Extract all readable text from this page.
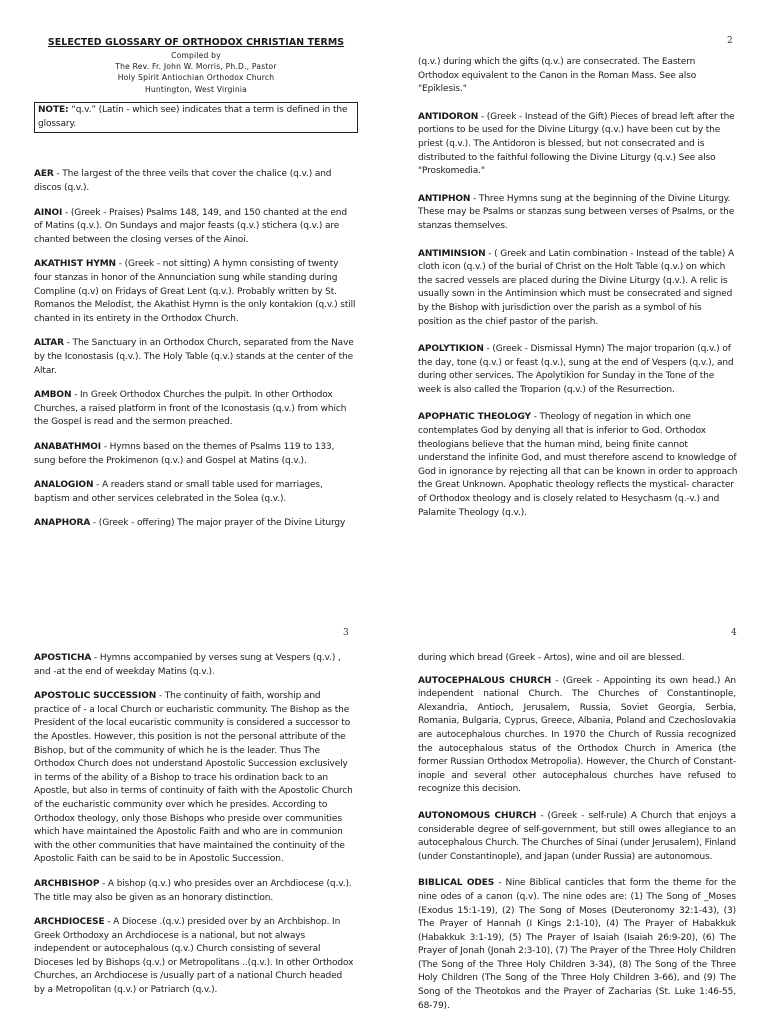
SELECTED GLOSSARY OF ORTHODOX CHRISTIAN TERMS
Compiled by
The Rev. Fr. John W. Morris, Ph.D., Pastor
Holy Spirit Antiochian Orthodox Church
Huntington, West Virginia
NOTE: “q.v.” (Latin - which see) indicates that a term is defined in the glossary.
AER - The largest of the three veils that cover the chalice (q.v.) and discos (q.v.).
AINOI - (Greek - Praises) Psalms 148, 149, and 150 chanted at the end of Matins (q.v.). On Sundays and major feasts (q.v.) stichera (q.v.) are chanted between the closing verses of the Ainoi.
AKATHIST HYMN - (Greek - not sitting) A hymn consisting of twenty four stanzas in honor of the Annunciation sung while standing during Compline (q.v) on Fridays of Great Lent (q.v.). Probably written by St. Romanos the Melodist, the Akathist Hymn is the only kontakion (q.v.) still chanted in its entirety in the Orthodox Church.
ALTAR - The Sanctuary in an Orthodox Church, separated from the Nave by the Iconostasis (q.v.). The Holy Table (q.v.) stands at the center of the Altar.
AMBON - In Greek Orthodox Churches the pulpit. In other Orthodox Churches, a raised platform in front of the Iconostasis (q.v.) from which the Gospel is read and the sermon preached.
ANABATHMOI - Hymns based on the themes of Psalms 119 to 133, sung before the Prokimenon (q.v.) and Gospel at Matins (q.v.).
ANALOGION - A readers stand or small table used for marriages, baptism and other services celebrated in the Solea (q.v.).
ANAPHORA - (Greek - offering) The major prayer of the Divine Liturgy
2
(q.v.) during which the gifts (q.v.) are consecrated. The Eastern Orthodox equivalent to the Canon in the Roman Mass. See also "Epiklesis."
ANTIDORON - (Greek - Instead of the Gift) Pieces of bread left after the portions to be used for the Divine Liturgy (q.v.) have been cut by the priest (q.v.). The Antidoron is blessed, but not consecrated and is distributed to the faithful following the Divine Liturgy (q.v.) See also "Proskomedia."
ANTIPHON - Three Hymns sung at the beginning of the Divine Liturgy. These may be Psalms or stanzas sung between verses of Psalms, or the stanzas themselves.
ANTIMINSION - ( Greek and Latin combination - Instead of the table) A cloth icon (q.v.) of the burial of Christ on the Holt Table (q.v.) on which the sacred vessels are placed during the Divine Liturgy (q.v.). A relic is usually sown in the Antiminsion which must be consecrated and signed by the Bishop with jurisdiction over the parish as a symbol of his position as the chief pastor of the parish.
APOLYTIKION - (Greek - Dismissal Hymn) The major troparion (q.v.) of the day, tone (q.v.) or feast (q.v.), sung at the end of Vespers (q.v.), and during other services. The Apolytikion for Sunday in the Tone of the week is also called the Troparion (q.v.) of the Resurrection.
APOPHATIC THEOLOGY - Theology of negation in which one contemplates God by denying all that is inferior to God. Orthodox theologians believe that the human mind, being finite cannot understand the infinite God, and must therefore ascend to knowledge of God in ignorance by rejecting all that can be known in order to approach the Great Unknown. Apophatic theology reflects the mystical- character of Orthodox theology and is closely related to Hesychasm (q.-v.) and Palamite Theology (q.v.).
3	4
APOSTICHA - Hymns accompanied by verses sung at Vespers (q.v.) , and -at the end of weekday Matins (q.v.).
APOSTOLIC SUCCESSION - The continuity of faith, worship and practice of - a local Church or eucharistic community. The Bishop as the President of the local eucaristic community is considered a successor to the Apostles. However, this position is not the personal attribute of the Bishop, but of the community of which he is the leader. Thus The Orthodox Church does not understand Apostolic Succession exclusively in terms of the ability of a Bishop to trace his ordination back to an Apostle, but also in terms of continuity of faith with the Apostolic Church of the eucharistic community over which he presides. According to Orthodox theology, only those Bishops who preside over communities which have maintained the Apostolic Faith and who are in communion with the other communities that have maintained the continuity of the Apostolic Faith can be said to be in Apostolic Succession.
ARCHBISHOP - A bishop (q.v.) who presides over an Archdiocese (q.v.). The title may also be given as an honorary distinction.
ARCHDIOCESE - A Diocese .(q.v.) presided over by an Archbishop. In Greek Orthodoxy an Archdiocese is a national, but not always independent or autocephalous (q.v.) Church consisting of several Dioceses led by Bishops (q.v.) or Metropolitans ..(q.v.). In other Orthodox Churches, an Archdiocese is /usually part of a national Church headed by a Metropolitan (q.v.) or Patriarch (q.v.).
during which bread (Greek - Artos), wine and oil are blessed.
AUTOCEPHALOUS CHURCH - (Greek - Appointing its own head.) An independent national Church. The Churches of Constantinople, Alexandria, Antioch, Jerusalem, Russia, Soviet Georgia, Serbia, Romania, Bulgaria, Cyprus, Greece, Albania, Poland and Czechoslovakia are autocephalous churches. In 1970 the Church of Russia recognized the autocephalous status of the Orthodox Church in America (the former Russian Orthodox Metropolia). However, the Church of Constant-inople and several other autocephalous churches have refused to recognize this decision.
AUTONOMOUS CHURCH - (Greek - self-rule) A Church that enjoys a considerable degree of self-government, but still owes allegiance to an autocephalous Church. The Churches of Sinai (under Jerusalem), Finland (under Constantinople), and Japan (under Russia) are autonomous.
BIBLICAL ODES - Nine Biblical canticles that form the theme for the nine odes of a canon (q.v). The nine odes are: (1) The Song of _Moses (Exodus 15:1-19), (2) The Song of Moses (Deuteronomy 32:1-43), (3) The Prayer of Hannah (I Kings 2:1-10), (4) The Prayer of Habakkuk (Habakkuk 3:1-19), (5) The Prayer of Isaiah (Isaiah 26:9-20), (6) The Prayer of Jonah (Jonah 2:3-10), (7) The Prayer of the Three Holy Children (The Song of the Three Holy Children 3-34), (8) The Song of the Three Holy Children (The Song of the Three Holy Children 3-66), and (9) The Song of the Theotokos and the Prayer of Zacharias (St. Luke 1:46-55, 68-79).
